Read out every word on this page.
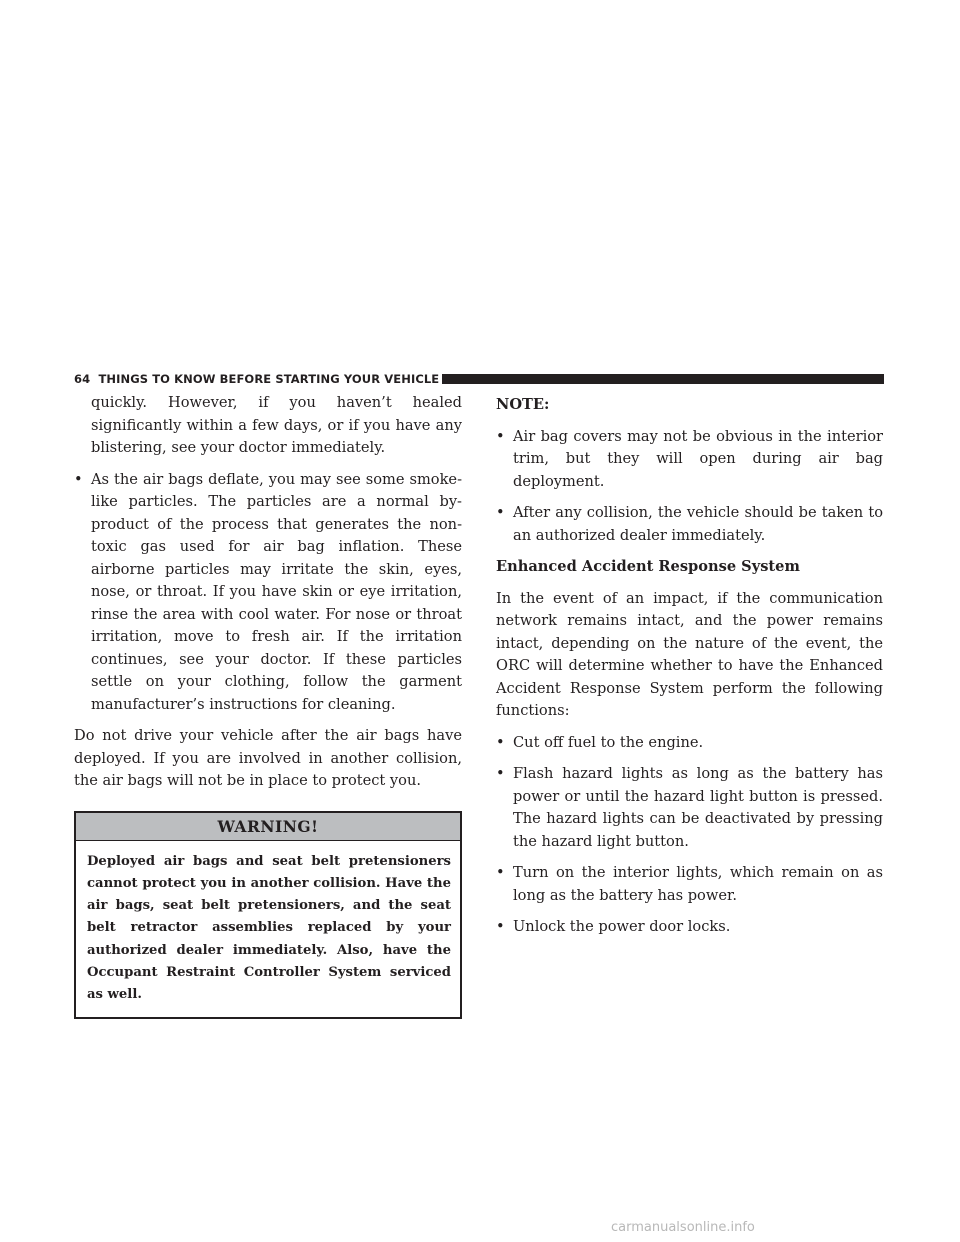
64 THINGS TO KNOW BEFORE STARTING YOUR VEHICLE

quickly. However, if you haven’t healed significantly within a few days, or if you have any blistering, see your doctor immediately.

• As the air bags deflate, you may see some smoke-like particles. The particles are a normal by-product of the process that generates the non-toxic gas used for air bag inflation. These airborne particles may irritate the skin, eyes, nose, or throat. If you have skin or eye irritation, rinse the area with cool water. For nose or throat irritation, move to fresh air. If the irritation continues, see your doctor. If these particles settle on your clothing, follow the garment manufacturer’s instructions for cleaning.

Do not drive your vehicle after the air bags have deployed. If you are involved in another collision, the air bags will not be in place to protect you.

WARNING!
Deployed air bags and seat belt pretensioners cannot protect you in another collision. Have the air bags, seat belt pretensioners, and the seat belt retractor assemblies replaced by your authorized dealer immediately. Also, have the Occupant Restraint Controller System serviced as well.

NOTE:

• Air bag covers may not be obvious in the interior trim, but they will open during air bag deployment.
• After any collision, the vehicle should be taken to an authorized dealer immediately.

Enhanced Accident Response System

In the event of an impact, if the communication network remains intact, and the power remains intact, depending on the nature of the event, the ORC will determine whether to have the Enhanced Accident Response System perform the following functions:

• Cut off fuel to the engine.
• Flash hazard lights as long as the battery has power or until the hazard light button is pressed. The hazard lights can be deactivated by pressing the hazard light button.
• Turn on the interior lights, which remain on as long as the battery has power.
• Unlock the power door locks.
carmanualsonline.info
